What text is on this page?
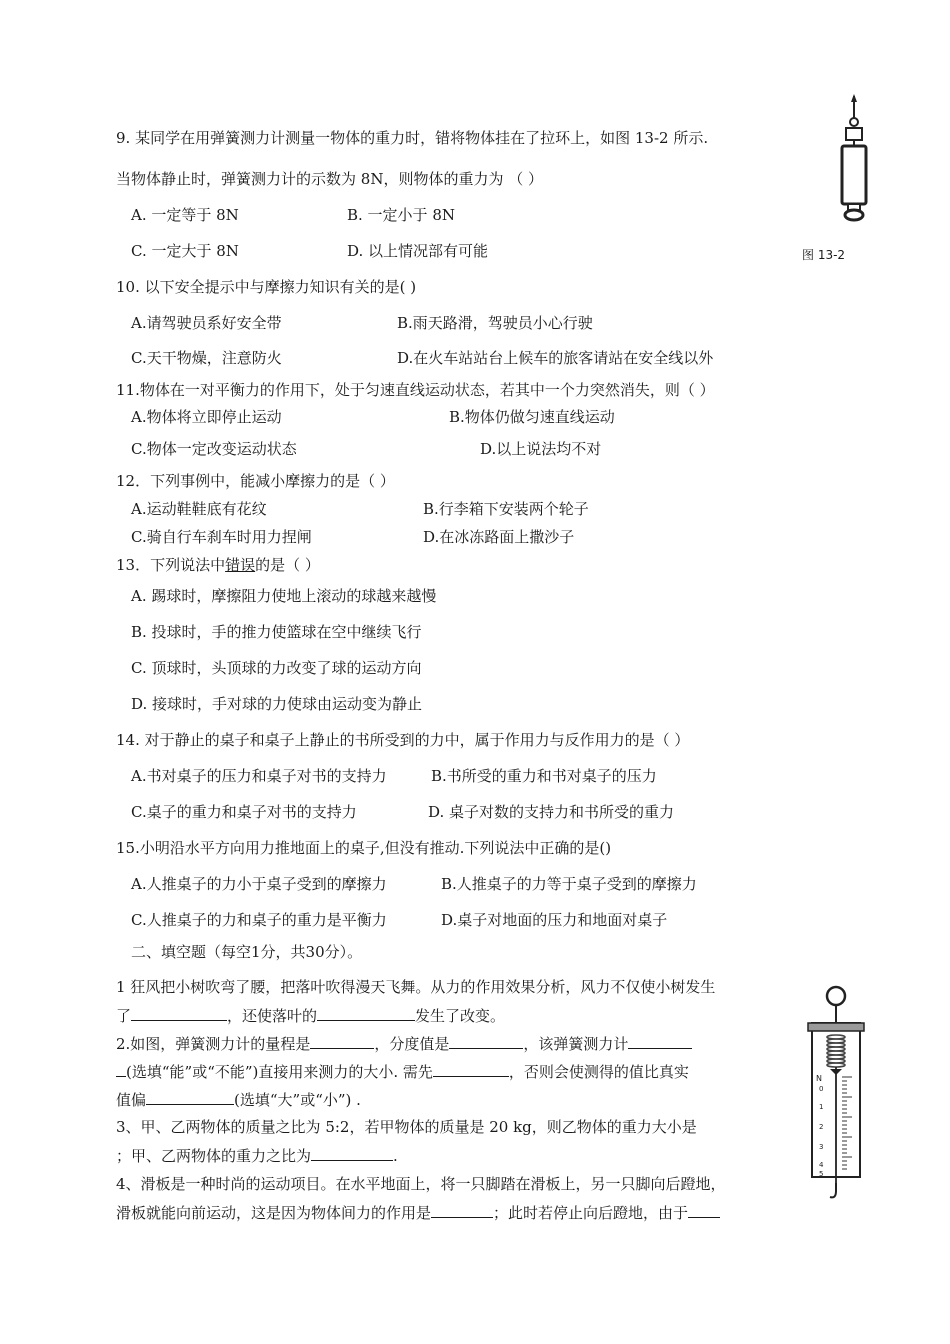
9. 某同学在用弹簧测力计测量一物体的重力时，错将物体挂在了拉环上，如图 13-2 所示.
当物体静止时，弹簧测力计的示数为 8N，则物体的重力为 （ ）
A. 一定等于 8N	B. 一定小于 8N
C. 一定大于 8N	D. 以上情况部有可能	图 13-2
10. 以下安全提示中与摩擦力知识有关的是( )
A.请驾驶员系好安全带	B.雨天路滑，驾驶员小心行驶
C.天干物燥，注意防火	D.在火车站站台上候车的旅客请站在安全线以外
11.物体在一对平衡力的作用下，处于匀速直线运动状态，若其中一个力突然消失，则（ ）
A.物体将立即停止运动	B.物体仍做匀速直线运动
C.物体一定改变运动状态	D.以上说法均不对
12．下列事例中，能减小摩擦力的是（ ）
A.运动鞋鞋底有花纹	B.行李箱下安装两个轮子
C.骑自行车刹车时用力捏闸	D.在冰冻路面上撒沙子
13．下列说法中错误的是（ ）
A. 踢球时，摩擦阻力使地上滚动的球越来越慢
B. 投球时，手的推力使篮球在空中继续飞行
C. 顶球时，头顶球的力改变了球的运动方向
D. 接球时，手对球的力使球由运动变为静止
14. 对于静止的桌子和桌子上静止的书所受到的力中，属于作用力与反作用力的是（ ）
A.书对桌子的压力和桌子对书的支持力	B.书所受的重力和书对桌子的压力
C.桌子的重力和桌子对书的支持力	D. 桌子对数的支持力和书所受的重力
15.小明沿水平方向用力推地面上的桌子,但没有推动.下列说法中正确的是()
A.人推桌子的力小于桌子受到的摩擦力	B.人推桌子的力等于桌子受到的摩擦力
C.人推桌子的力和桌子的重力是平衡力	D.桌子对地面的压力和地面对桌子
二、填空题（每空1分，共30分）。
1 狂风把小树吹弯了腰，把落叶吹得漫天飞舞。从力的作用效果分析，风力不仅使小树发生
了	，还使落叶的	发生了改变。
2.如图，弹簧测力计的量程是	，分度值是	，该弹簧测力计
(选填“能”或“不能”)直接用来测力的大小. 需先	，否则会使测得的值比真实
值偏	(选填“大”或“小”) .
3、甲、乙两物体的质量之比为 5:2，若甲物体的质量是 20 kg，则乙物体的重力大小是
；甲、乙两物体的重力之比为	.
4、滑板是一种时尚的运动项目。在水平地面上，将一只脚踏在滑板上，另一只脚向后蹬地，
滑板就能向前运动，这是因为物体间力的作用是	；此时若停止向后蹬地，由于
N
0
1
2
3
4
5
